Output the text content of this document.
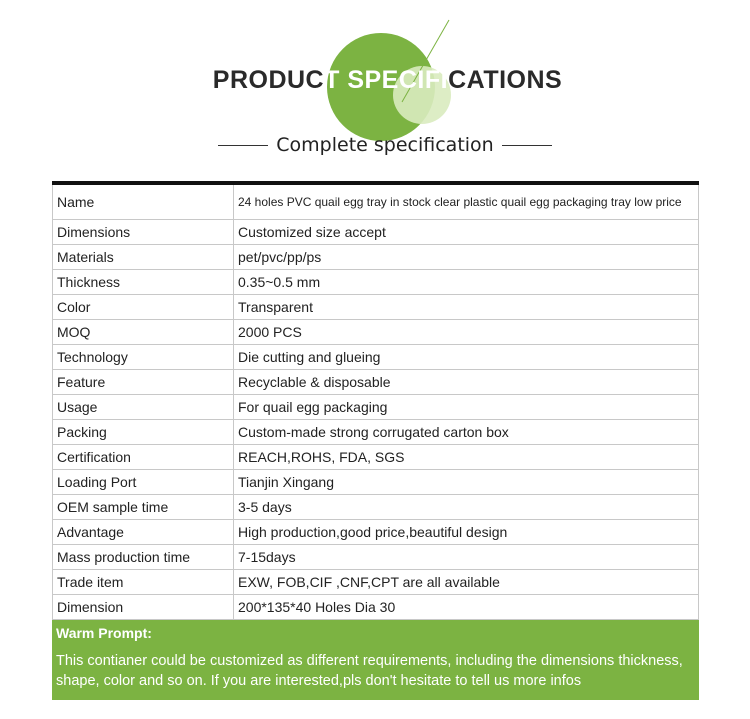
PRODUCT SPECIFICATIONS
Complete specification
Name	24 holes PVC quail egg tray in stock clear plastic quail egg packaging tray low price
Dimensions	Customized size accept
Materials	pet/pvc/pp/ps
Thickness	0.35~0.5 mm
Color	Transparent
MOQ	2000 PCS
Technology	Die cutting and glueing
Feature	Recyclable & disposable
Usage	For quail egg packaging
Packing	Custom-made strong corrugated carton box
Certification	REACH,ROHS, FDA, SGS
Loading Port	Tianjin Xingang
OEM sample time	3-5 days
Advantage	High production,good price,beautiful design
Mass production time	7-15days
Trade item	EXW, FOB,CIF ,CNF,CPT are all available
Dimension	200*135*40 Holes Dia 30
Warm Prompt:
This contianer could be customized as different requirements, including the dimensions thickness, shape, color and so on. If you are interested,pls don't hesitate to tell us more infos
